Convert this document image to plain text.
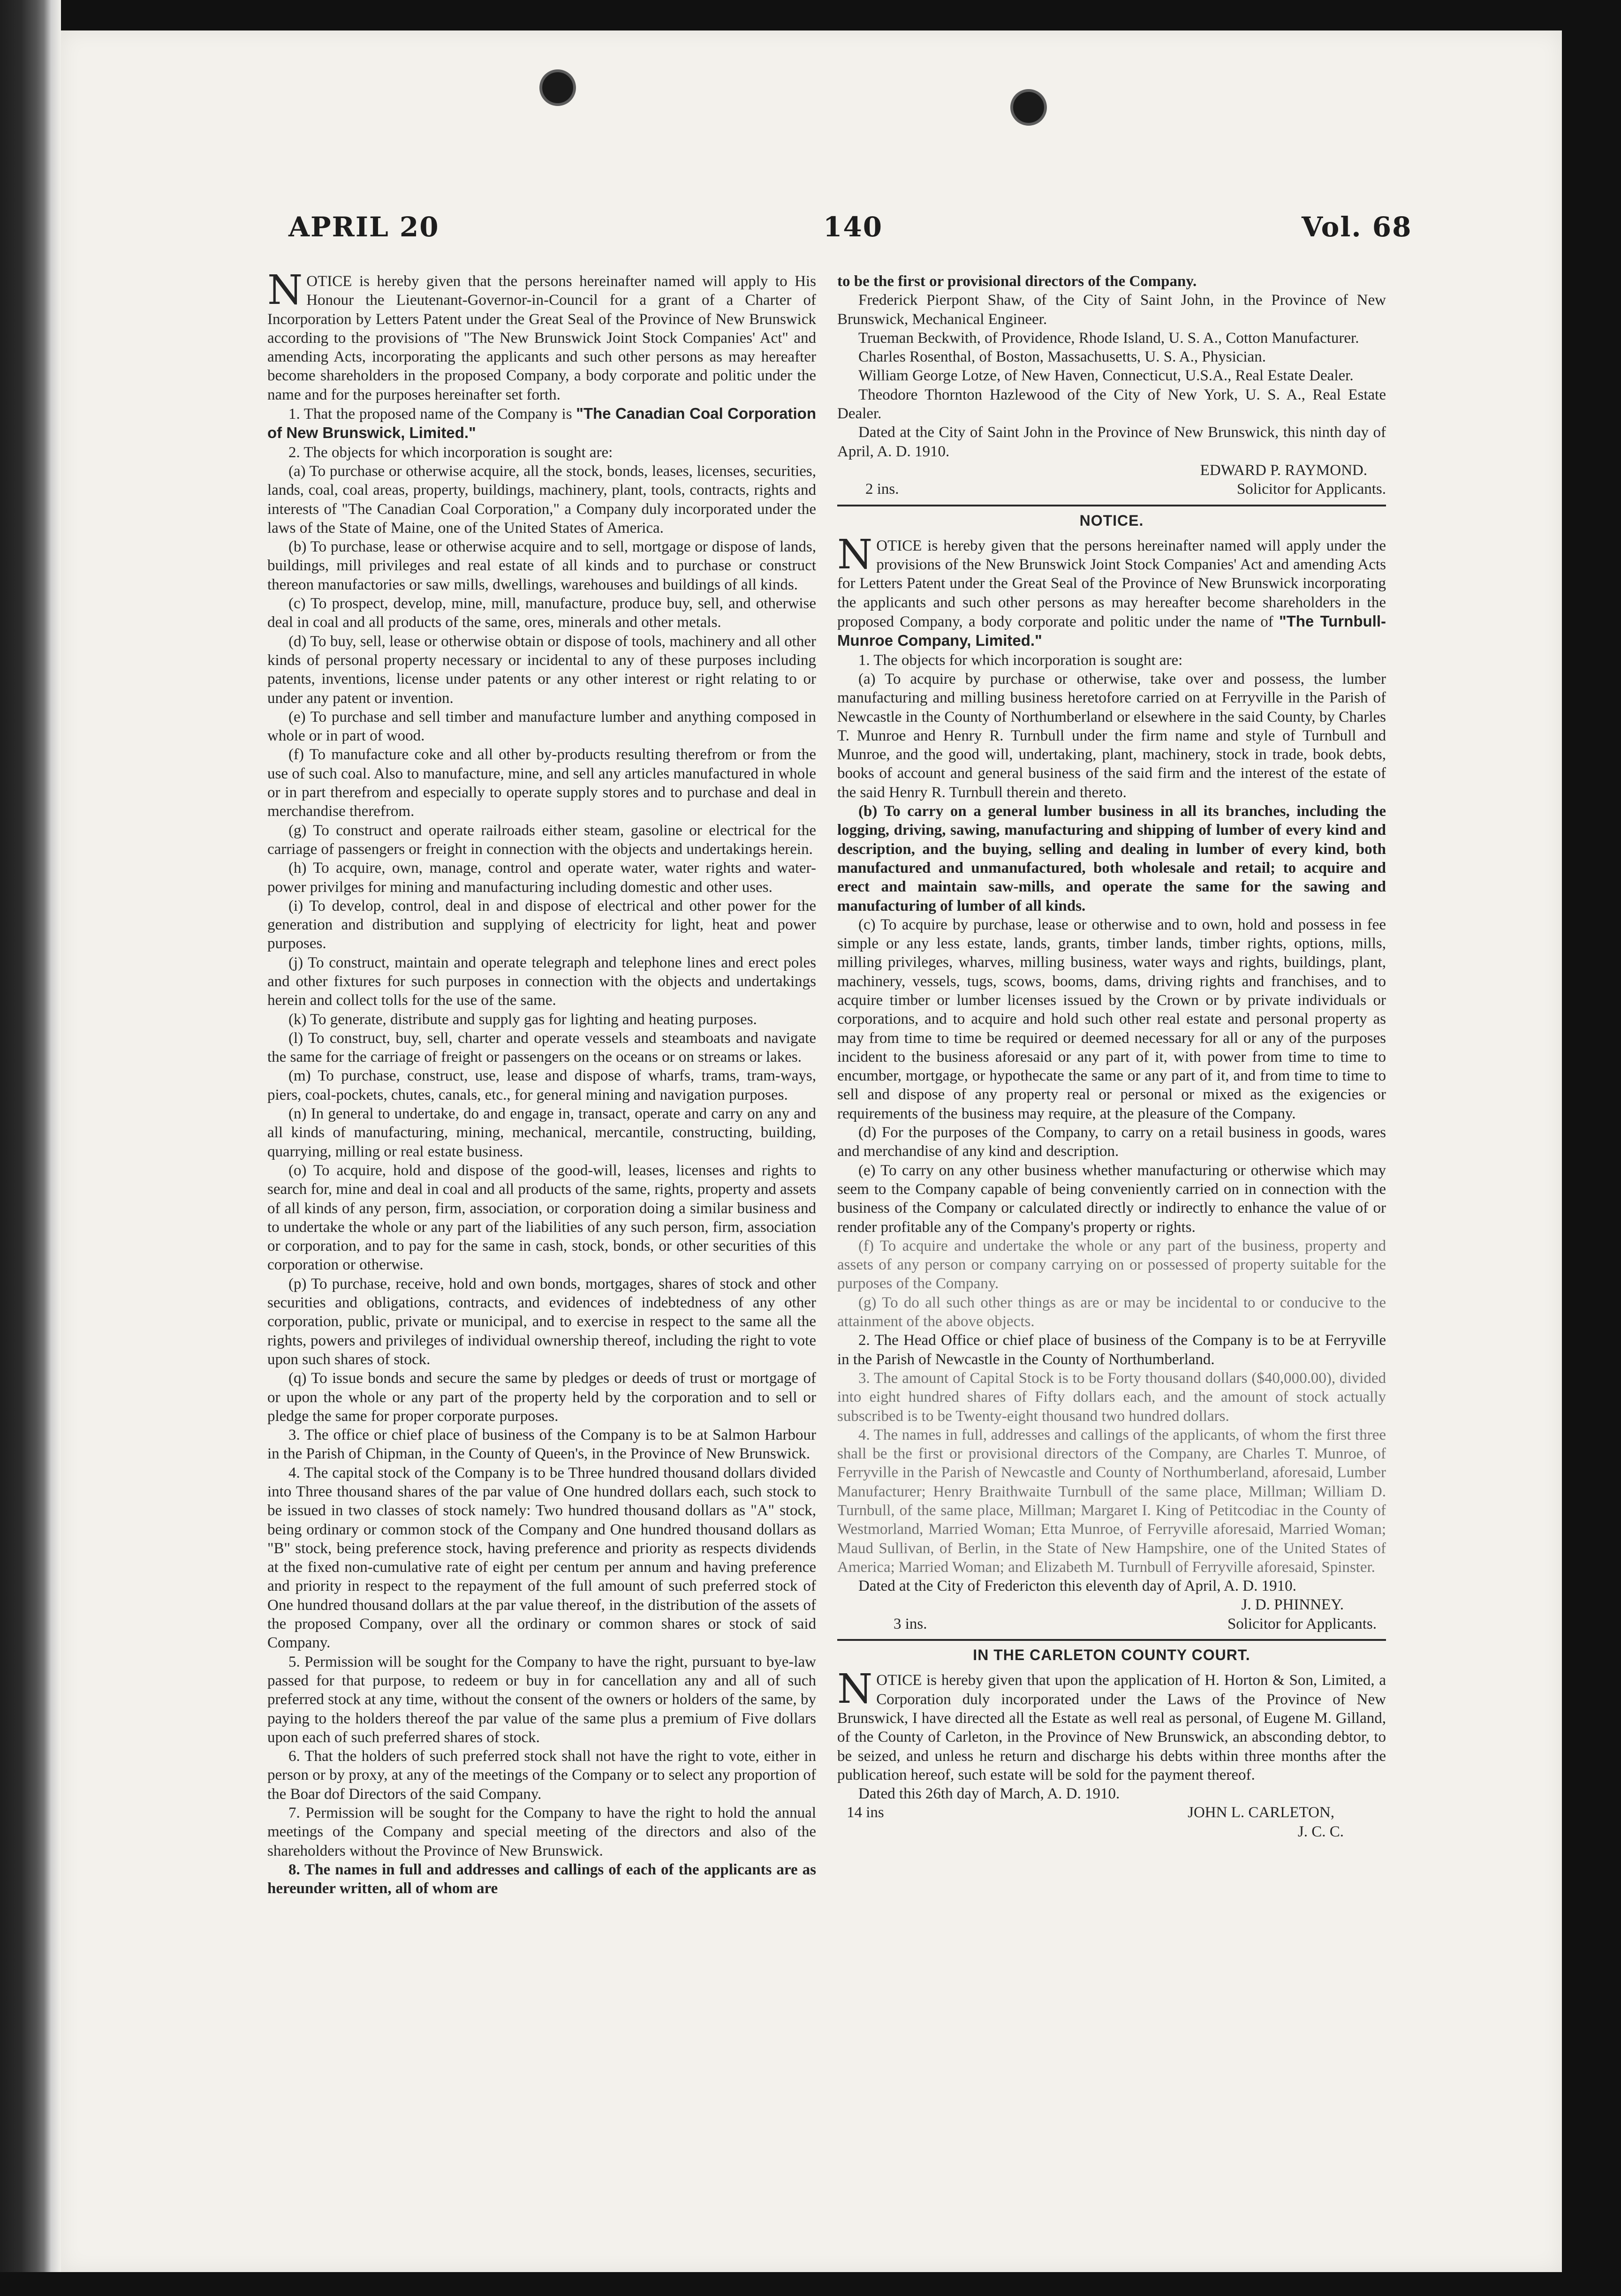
APRIL 20	140	Vol. 68

NOTICE is hereby given that the persons hereinafter named will apply to His Honour the Lieutenant-Governor-in-Council for a grant of a Charter of Incorporation by Letters Patent under the Great Seal of the Province of New Brunswick according to the provisions of "The New Brunswick Joint Stock Companies' Act" and amending Acts, incorporating the applicants and such other persons as may hereafter become shareholders in the proposed Company, a body corporate and politic under the name and for the purposes hereinafter set forth.

1. That the proposed name of the Company is "The Canadian Coal Corporation of New Brunswick, Limited."

2. The objects for which incorporation is sought are:

(a) To purchase or otherwise acquire, all the stock, bonds, leases, licenses, securities, lands, coal, coal areas, property, buildings, machinery, plant, tools, contracts, rights and interests of "The Canadian Coal Corporation," a Company duly incorporated under the laws of the State of Maine, one of the United States of America.

(b) To purchase, lease or otherwise acquire and to sell, mortgage or dispose of lands, buildings, mill privileges and real estate of all kinds and to purchase or construct thereon manufactories or saw mills, dwellings, warehouses and buildings of all kinds.

(c) To prospect, develop, mine, mill, manufacture, produce buy, sell, and otherwise deal in coal and all products of the same, ores, minerals and other metals.

(d) To buy, sell, lease or otherwise obtain or dispose of tools, machinery and all other kinds of personal property necessary or incidental to any of these purposes including patents, inventions, license under patents or any other interest or right relating to or under any patent or invention.

(e) To purchase and sell timber and manufacture lumber and anything composed in whole or in part of wood.

(f) To manufacture coke and all other by-products resulting therefrom or from the use of such coal. Also to manufacture, mine, and sell any articles manufactured in whole or in part therefrom and especially to operate supply stores and to purchase and deal in merchandise therefrom.

(g) To construct and operate railroads either steam, gasoline or electrical for the carriage of passengers or freight in connection with the objects and undertakings herein.

(h) To acquire, own, manage, control and operate water, water rights and water-power privilges for mining and manufacturing including domestic and other uses.

(i) To develop, control, deal in and dispose of electrical and other power for the generation and distribution and supplying of electricity for light, heat and power purposes.

(j) To construct, maintain and operate telegraph and telephone lines and erect poles and other fixtures for such purposes in connection with the objects and undertakings herein and collect tolls for the use of the same.

(k) To generate, distribute and supply gas for lighting and heating purposes.

(l) To construct, buy, sell, charter and operate vessels and steamboats and navigate the same for the carriage of freight or passengers on the oceans or on streams or lakes.

(m) To purchase, construct, use, lease and dispose of wharfs, trams, tram-ways, piers, coal-pockets, chutes, canals, etc., for general mining and navigation purposes.

(n) In general to undertake, do and engage in, transact, operate and carry on any and all kinds of manufacturing, mining, mechanical, mercantile, constructing, building, quarrying, milling or real estate business.

(o) To acquire, hold and dispose of the good-will, leases, licenses and rights to search for, mine and deal in coal and all products of the same, rights, property and assets of all kinds of any person, firm, association, or corporation doing a similar business and to undertake the whole or any part of the liabilities of any such person, firm, association or corporation, and to pay for the same in cash, stock, bonds, or other securities of this corporation or otherwise.

(p) To purchase, receive, hold and own bonds, mortgages, shares of stock and other securities and obligations, contracts, and evidences of indebtedness of any other corporation, public, private or municipal, and to exercise in respect to the same all the rights, powers and privileges of individual ownership thereof, including the right to vote upon such shares of stock.

(q) To issue bonds and secure the same by pledges or deeds of trust or mortgage of or upon the whole or any part of the property held by the corporation and to sell or pledge the same for proper corporate purposes.

3. The office or chief place of business of the Company is to be at Salmon Harbour in the Parish of Chipman, in the County of Queen's, in the Province of New Brunswick.

4. The capital stock of the Company is to be Three hundred thousand dollars divided into Three thousand shares of the par value of One hundred dollars each, such stock to be issued in two classes of stock namely: Two hundred thousand dollars as "A" stock, being ordinary or common stock of the Company and One hundred thousand dollars as "B" stock, being preference stock, having preference and priority as respects dividends at the fixed non-cumulative rate of eight per centum per annum and having preference and priority in respect to the repayment of the full amount of such preferred stock of One hundred thousand dollars at the par value thereof, in the distribution of the assets of the proposed Company, over all the ordinary or common shares or stock of said Company.

5. Permission will be sought for the Company to have the right, pursuant to bye-law passed for that purpose, to redeem or buy in for cancellation any and all of such preferred stock at any time, without the consent of the owners or holders of the same, by paying to the holders thereof the par value of the same plus a premium of Five dollars upon each of such preferred shares of stock.

6. That the holders of such preferred stock shall not have the right to vote, either in person or by proxy, at any of the meetings of the Company or to select any proportion of the Boar dof Directors of the said Company.

7. Permission will be sought for the Company to have the right to hold the annual meetings of the Company and special meeting of the directors and also of the shareholders without the Province of New Brunswick.

8. The names in full and addresses and callings of each of the applicants are as hereunder written, all of whom are

to be the first or provisional directors of the Company.

Frederick Pierpont Shaw, of the City of Saint John, in the Province of New Brunswick, Mechanical Engineer.

Trueman Beckwith, of Providence, Rhode Island, U. S. A., Cotton Manufacturer.

Charles Rosenthal, of Boston, Massachusetts, U. S. A., Physician.

William George Lotze, of New Haven, Connecticut, U.S.A., Real Estate Dealer.

Theodore Thornton Hazlewood of the City of New York, U. S. A., Real Estate Dealer.

Dated at the City of Saint John in the Province of New Brunswick, this ninth day of April, A. D. 1910.

EDWARD P. RAYMOND.
2 ins.	Solicitor for Applicants.
NOTICE.

NOTICE is hereby given that the persons hereinafter named will apply under the provisions of the New Brunswick Joint Stock Companies' Act and amending Acts for Letters Patent under the Great Seal of the Province of New Brunswick incorporating the applicants and such other persons as may hereafter become shareholders in the proposed Company, a body corporate and politic under the name of "The Turnbull-Munroe Company, Limited."

1. The objects for which incorporation is sought are:

(a) To acquire by purchase or otherwise, take over and possess, the lumber manufacturing and milling business heretofore carried on at Ferryville in the Parish of Newcastle in the County of Northumberland or elsewhere in the said County, by Charles T. Munroe and Henry R. Turnbull under the firm name and style of Turnbull and Munroe, and the good will, undertaking, plant, machinery, stock in trade, book debts, books of account and general business of the said firm and the interest of the estate of the said Henry R. Turnbull therein and thereto.

(b) To carry on a general lumber business in all its branches, including the logging, driving, sawing, manufacturing and shipping of lumber of every kind and description, and the buying, selling and dealing in lumber of every kind, both manufactured and unmanufactured, both wholesale and retail; to acquire and erect and maintain saw-mills, and operate the same for the sawing and manufacturing of lumber of all kinds.

(c) To acquire by purchase, lease or otherwise and to own, hold and possess in fee simple or any less estate, lands, grants, timber lands, timber rights, options, mills, milling privileges, wharves, milling business, water ways and rights, buildings, plant, machinery, vessels, tugs, scows, booms, dams, driving rights and franchises, and to acquire timber or lumber licenses issued by the Crown or by private individuals or corporations, and to acquire and hold such other real estate and personal property as may from time to time be required or deemed necessary for all or any of the purposes incident to the business aforesaid or any part of it, with power from time to time to encumber, mortgage, or hypothecate the same or any part of it, and from time to time to sell and dispose of any property real or personal or mixed as the exigencies or requirements of the business may require, at the pleasure of the Company.

(d) For the purposes of the Company, to carry on a retail business in goods, wares and merchandise of any kind and description.

(e) To carry on any other business whether manufacturing or otherwise which may seem to the Company capable of being conveniently carried on in connection with the business of the Company or calculated directly or indirectly to enhance the value of or render profitable any of the Company's property or rights.

(f) To acquire and undertake the whole or any part of the business, property and assets of any person or company carrying on or possessed of property suitable for the purposes of the Company.

(g) To do all such other things as are or may be incidental to or conducive to the attainment of the above objects.

2. The Head Office or chief place of business of the Company is to be at Ferryville in the Parish of Newcastle in the County of Northumberland.

3. The amount of Capital Stock is to be Forty thousand dollars ($40,000.00), divided into eight hundred shares of Fifty dollars each, and the amount of stock actually subscribed is to be Twenty-eight thousand two hundred dollars.

4. The names in full, addresses and callings of the applicants, of whom the first three shall be the first or provisional directors of the Company, are Charles T. Munroe, of Ferryville in the Parish of Newcastle and County of Northumberland, aforesaid, Lumber Manufacturer; Henry Braithwaite Turnbull of the same place, Millman; William D. Turnbull, of the same place, Millman; Margaret I. King of Petitcodiac in the County of Westmorland, Married Woman; Etta Munroe, of Ferryville aforesaid, Married Woman; Maud Sullivan, of Berlin, in the State of New Hampshire, one of the United States of America; Married Woman; and Elizabeth M. Turnbull of Ferryville aforesaid, Spinster.

Dated at the City of Fredericton this eleventh day of April, A. D. 1910.

J. D. PHINNEY.
3 ins.	Solicitor for Applicants.
IN THE CARLETON COUNTY COURT.

NOTICE is hereby given that upon the application of H. Horton & Son, Limited, a Corporation duly incorporated under the Laws of the Province of New Brunswick, I have directed all the Estate as well real as personal, of Eugene M. Gilland, of the County of Carleton, in the Province of New Brunswick, an absconding debtor, to be seized, and unless he return and discharge his debts within three months after the publication hereof, such estate will be sold for the payment thereof.

Dated this 26th day of March, A. D. 1910.

14 ins	JOHN L. CARLETON,
J. C. C.
